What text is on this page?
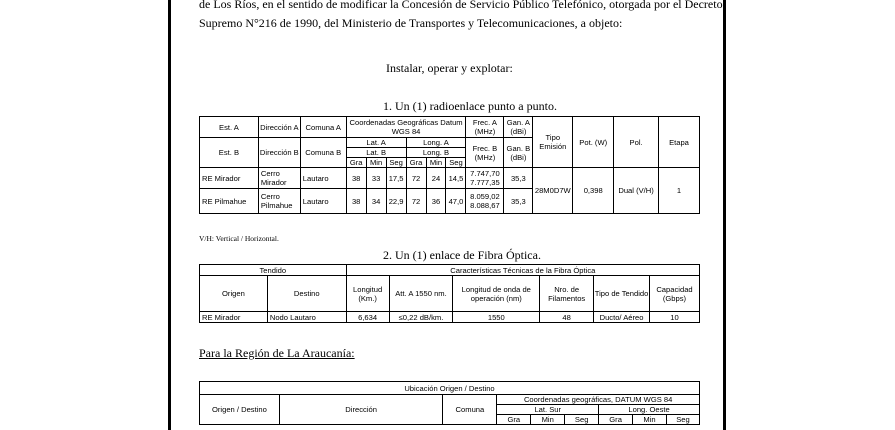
de Los Ríos, en el sentido de modificar la Concesión de Servicio Público Telefónico, otorgada por el Decreto
Supremo N°216 de 1990, del Ministerio de Transportes y Telecomunicaciones, a objeto:
Instalar, operar y explotar:
1. Un (1) radioenlace punto a punto.
Est. A	Dirección A	Comuna A	Coordenadas Geográficas Datum WGS 84						Frec. A (MHz)	Gan. A (dBi)	Tipo Emisión	Pot. (W)	Pol.	Etapa
Est. B	Dirección B	Comuna B	Lat. A			Long. A			Frec. B (MHz)	Gan. B (dBi)				
			Lat. B			Long. B								
			Gra	Min	Seg	Gra	Min	Seg						
RE Mirador	Cerro Mirador	Lautaro	38	33	17,5	72	24	14,5	7.747,70 7.777,35	35,3	28M0D7W	0,398	Dual (V/H)	1
RE Pilmahue	Cerro Pilmahue	Lautaro	38	34	22,9	72	36	47,0	8.059,02 8.088,67	35,3				
V/H: Vertical / Horizontal.
2. Un (1) enlace de Fibra Óptica.
Tendido		Características Técnicas de la Fibra Óptica					
Origen	Destino	Longitud (Km.)	Att. A 1550 nm.	Longitud de onda de operación (nm)	Nro. de Filamentos	Tipo de Tendido	Capacidad (Gbps)
RE Mirador	Nodo Lautaro	6,634	≤0,22 dB/km.	1550	48	Ducto/ Aéreo	10
Para la Región de La Araucanía:
Ubicación Origen / Destino								
Origen / Destino	Dirección	Comuna	Coordenadas geográficas, DATUM WGS 84					
			Lat. Sur			Long. Oeste		
			Gra	Min	Seg	Gra	Min	Seg
